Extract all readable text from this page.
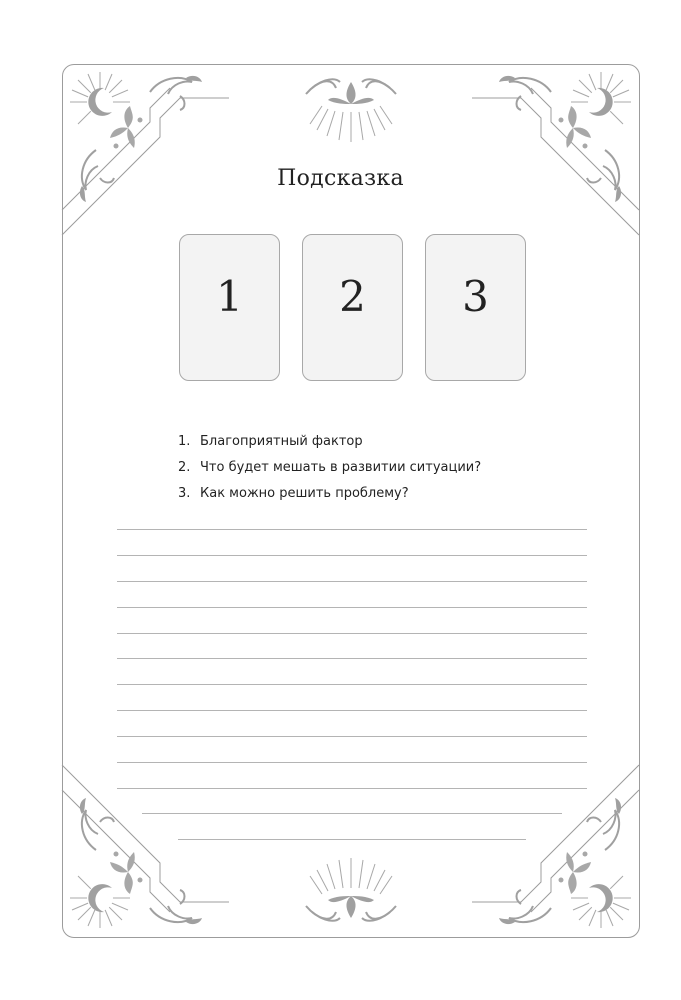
Подсказка
1 2 3
1. Благоприятный фактор
2. Что будет мешать в развитии ситуации?
3. Как можно решить проблему?
